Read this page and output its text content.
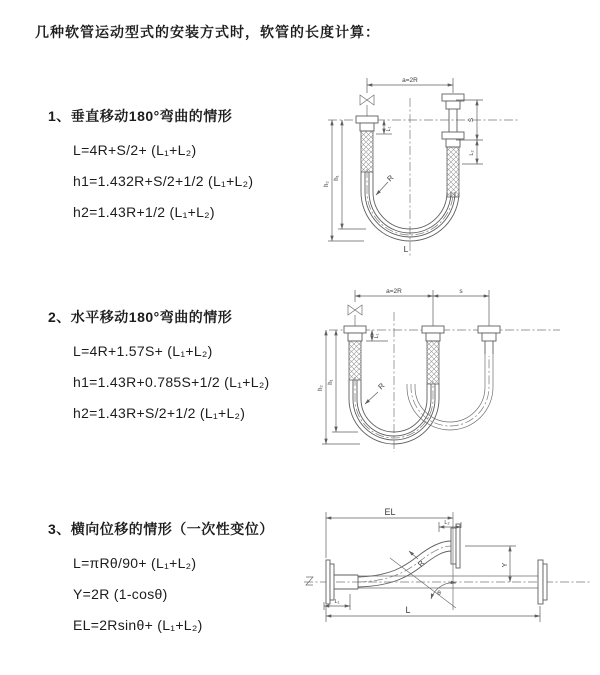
几种软管运动型式的安装方式时，软管的长度计算：
1、垂直移动180°弯曲的情形
L=4R+S/2+ (L₁+L₂)
h1=1.432R+S/2+1/2 (L₁+L₂)
h2=1.43R+1/2 (L₁+L₂)
2、水平移动180°弯曲的情形
L=4R+1.57S+ (L₁+L₂)
h1=1.43R+0.785S+1/2 (L₁+L₂)
h2=1.43R+S/2+1/2 (L₁+L₂)
3、横向位移的情形（一次性变位）
L=πRθ/90+ (L₁+L₂)
Y=2R (1-cosθ)
EL=2Rsinθ+ (L₁+L₂)
a=2R
R
h₂
h₁
L₁
S
L₂
L
a=2R	s
R
h₂
h₁
L₁
EL
L₂
Y
θ
R
L₁
L
